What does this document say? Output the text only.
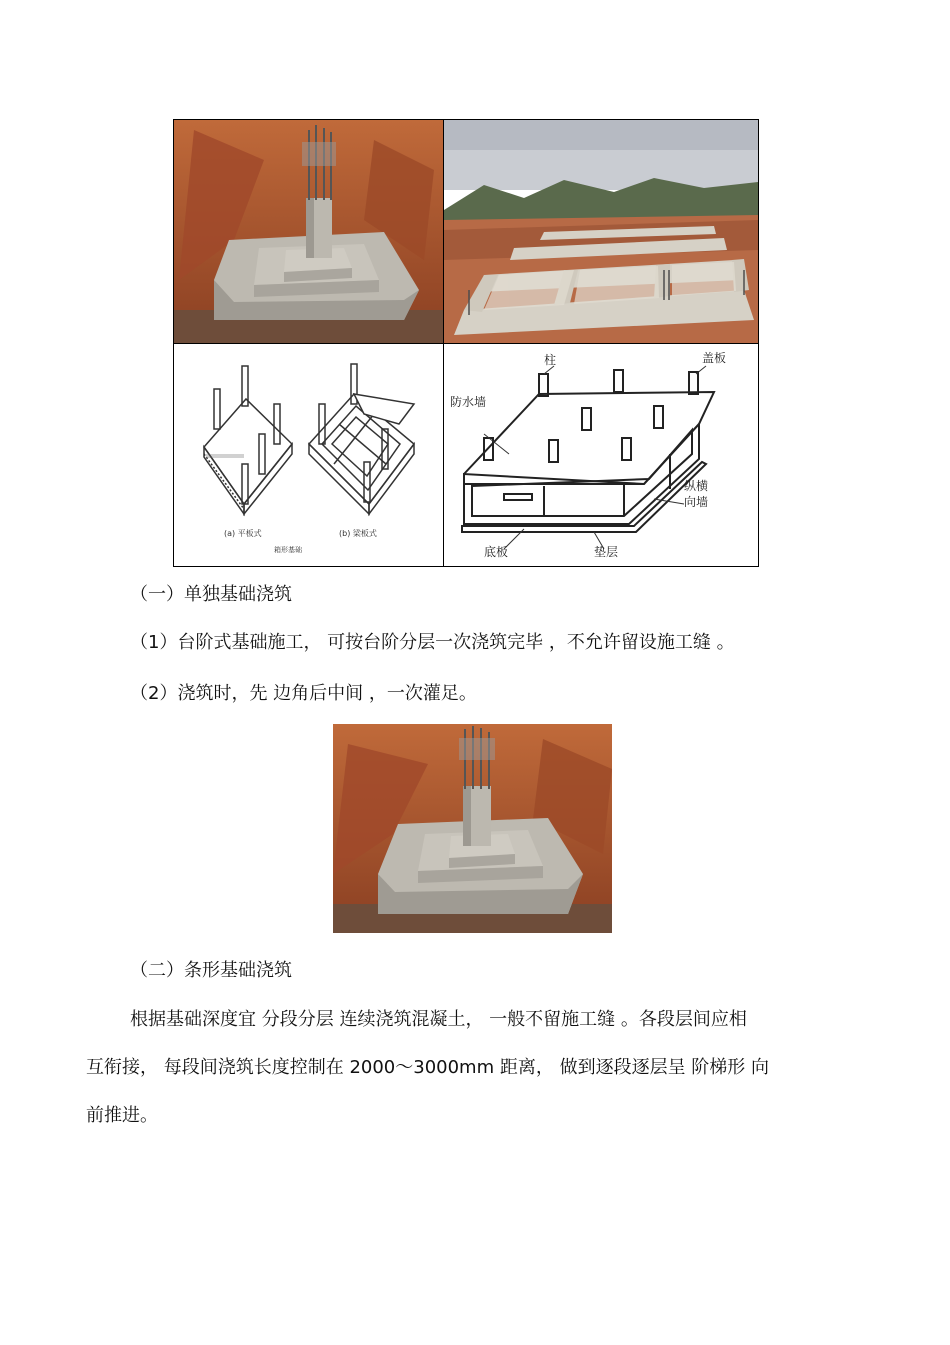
(a) 平板式	(b) 梁板式
箱形基础
柱	盖板
防水墙
纵横
向墙
底板	垫层
（一）单独基础浇筑
（1）台阶式基础施工， 可按台阶分层一次浇筑完毕 ，不允许留设施工缝 。
（2）浇筑时，先 边角后中间 ，一次灌足。
（二）条形基础浇筑
根据基础深度宜 分段分层 连续浇筑混凝土， 一般不留施工缝 。各段层间应相
互衔接， 每段间浇筑长度控制在 2000～3000mm 距离， 做到逐段逐层呈 阶梯形 向
前推进。
